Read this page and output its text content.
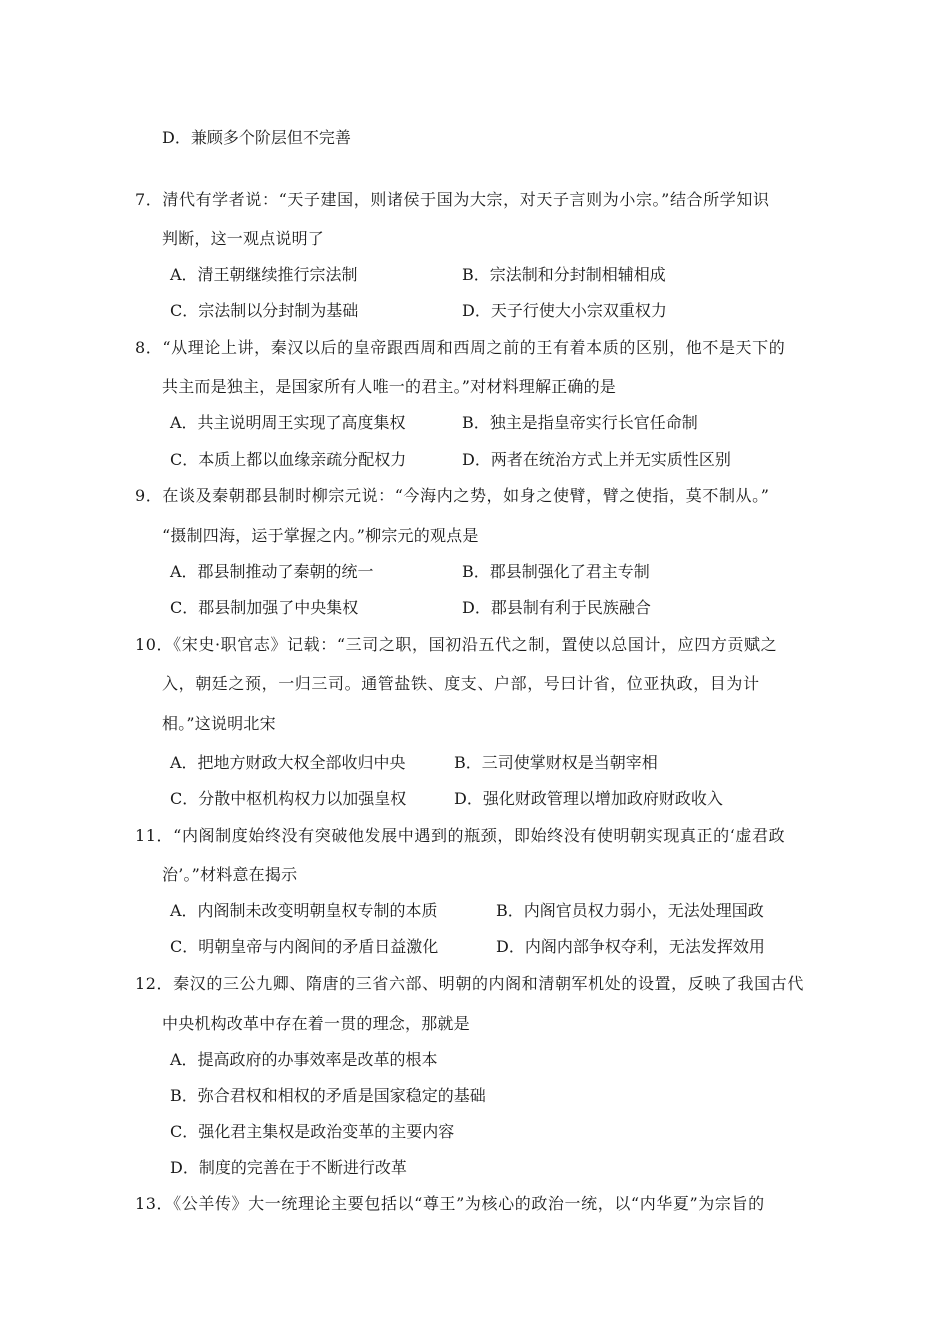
D．兼顾多个阶层但不完善
7．清代有学者说：“天子建国，则诸侯于国为大宗，对天子言则为小宗。”结合所学知识
判断，这一观点说明了
A．清王朝继续推行宗法制	B．宗法制和分封制相辅相成
C．宗法制以分封制为基础	D．天子行使大小宗双重权力
8．“从理论上讲，秦汉以后的皇帝跟西周和西周之前的王有着本质的区别，他不是天下的
共主而是独主，是国家所有人唯一的君主。”对材料理解正确的是
A．共主说明周王实现了高度集权	B．独主是指皇帝实行长官任命制
C．本质上都以血缘亲疏分配权力	D．两者在统治方式上并无实质性区别
9．在谈及秦朝郡县制时柳宗元说：“今海内之势，如身之使臂，臂之使指，莫不制从。”
“摄制四海，运于掌握之内。”柳宗元的观点是
A．郡县制推动了秦朝的统一	B．郡县制强化了君主专制
C．郡县制加强了中央集权	D．郡县制有利于民族融合
10．《宋史·职官志》记载：“三司之职，国初沿五代之制，置使以总国计，应四方贡赋之
入，朝廷之预，一归三司。通管盐铁、度支、户部，号曰计省，位亚执政，目为计
相。”这说明北宋
A．把地方财政大权全部收归中央	B．三司使掌财权是当朝宰相
C．分散中枢机构权力以加强皇权	D．强化财政管理以增加政府财政收入
11．“内阁制度始终没有突破他发展中遇到的瓶颈，即始终没有使明朝实现真正的‘虚君政
治’。”材料意在揭示
A．内阁制未改变明朝皇权专制的本质	B．内阁官员权力弱小，无法处理国政
C．明朝皇帝与内阁间的矛盾日益激化	D．内阁内部争权夺利，无法发挥效用
12．秦汉的三公九卿、隋唐的三省六部、明朝的内阁和清朝军机处的设置，反映了我国古代
中央机构改革中存在着一贯的理念，那就是
A．提高政府的办事效率是改革的根本
B．弥合君权和相权的矛盾是国家稳定的基础
C．强化君主集权是政治变革的主要内容
D．制度的完善在于不断进行改革
13．《公羊传》大一统理论主要包括以“尊王”为核心的政治一统，以“内华夏”为宗旨的
